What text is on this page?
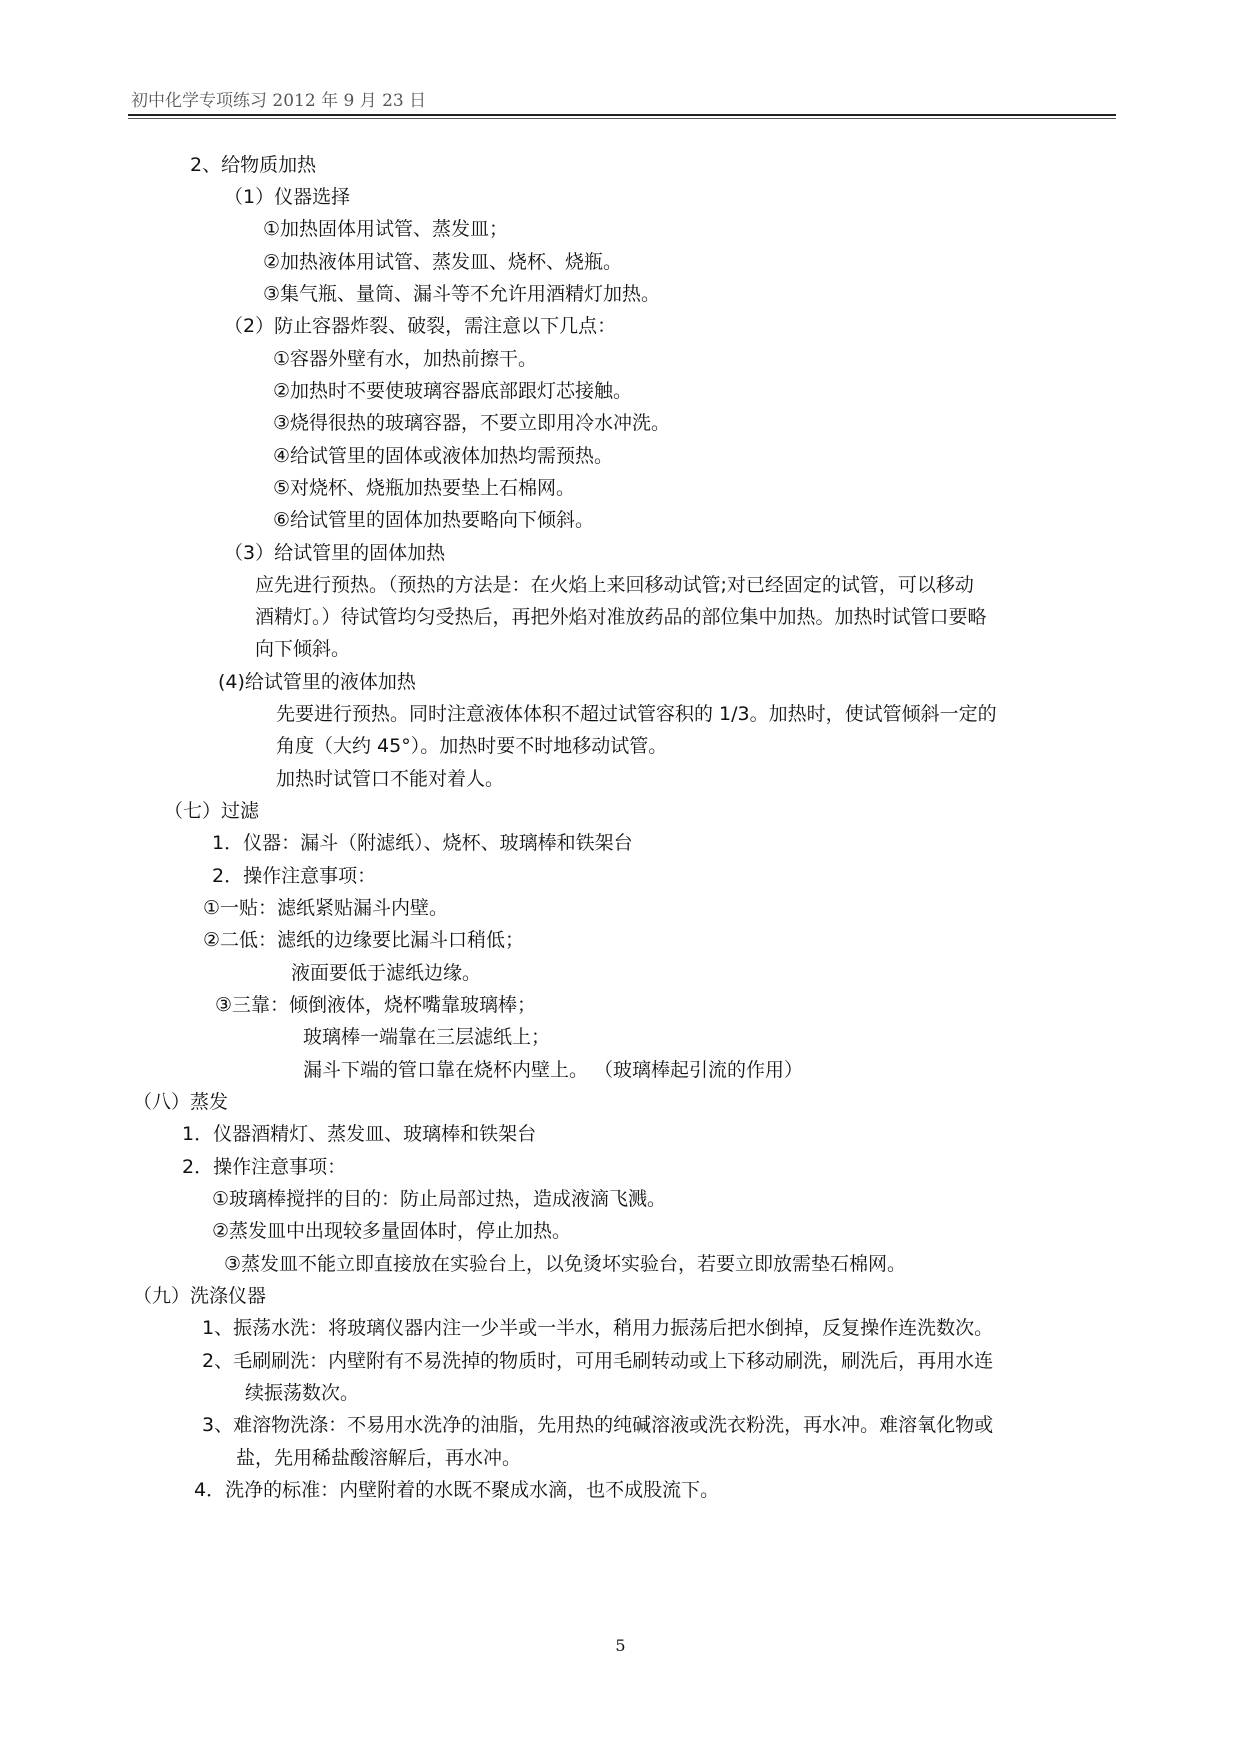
初中化学专项练习 2012 年 9 月 23 日
2、给物质加热
（1）仪器选择
①加热固体用试管、蒸发皿；
②加热液体用试管、蒸发皿、烧杯、烧瓶。
③集气瓶、量筒、漏斗等不允许用酒精灯加热。
（2）防止容器炸裂、破裂，需注意以下几点：
①容器外壁有水，加热前擦干。
②加热时不要使玻璃容器底部跟灯芯接触。
③烧得很热的玻璃容器，不要立即用冷水冲洗。
④给试管里的固体或液体加热均需预热。
⑤对烧杯、烧瓶加热要垫上石棉网。
⑥给试管里的固体加热要略向下倾斜。
（3）给试管里的固体加热
应先进行预热。（预热的方法是：在火焰上来回移动试管;对已经固定的试管，可以移动
酒精灯。）待试管均匀受热后，再把外焰对准放药品的部位集中加热。加热时试管口要略
向下倾斜。
(4)给试管里的液体加热
先要进行预热。同时注意液体体积不超过试管容积的 1/3。加热时，使试管倾斜一定的
角度（大约 45°）。加热时要不时地移动试管。
加热时试管口不能对着人。
（七）过滤
1．仪器：漏斗（附滤纸）、烧杯、玻璃棒和铁架台
2．操作注意事项：
①一贴：滤纸紧贴漏斗内壁。
②二低：滤纸的边缘要比漏斗口稍低；
液面要低于滤纸边缘。
③三靠：倾倒液体，烧杯嘴靠玻璃棒；
玻璃棒一端靠在三层滤纸上；
漏斗下端的管口靠在烧杯内壁上。 （玻璃棒起引流的作用）
（八）蒸发
1．仪器酒精灯、蒸发皿、玻璃棒和铁架台
2．操作注意事项：
①玻璃棒搅拌的目的：防止局部过热，造成液滴飞溅。
②蒸发皿中出现较多量固体时，停止加热。
③蒸发皿不能立即直接放在实验台上，以免烫坏实验台，若要立即放需垫石棉网。
（九）洗涤仪器
1、振荡水洗：将玻璃仪器内注一少半或一半水，稍用力振荡后把水倒掉，反复操作连洗数次。
2、毛刷刷洗：内壁附有不易洗掉的物质时，可用毛刷转动或上下移动刷洗，刷洗后，再用水连
续振荡数次。
3、难溶物洗涤：不易用水洗净的油脂，先用热的纯碱溶液或洗衣粉洗，再水冲。难溶氧化物或
盐，先用稀盐酸溶解后，再水冲。
4．洗净的标准：内壁附着的水既不聚成水滴，也不成股流下。
5
